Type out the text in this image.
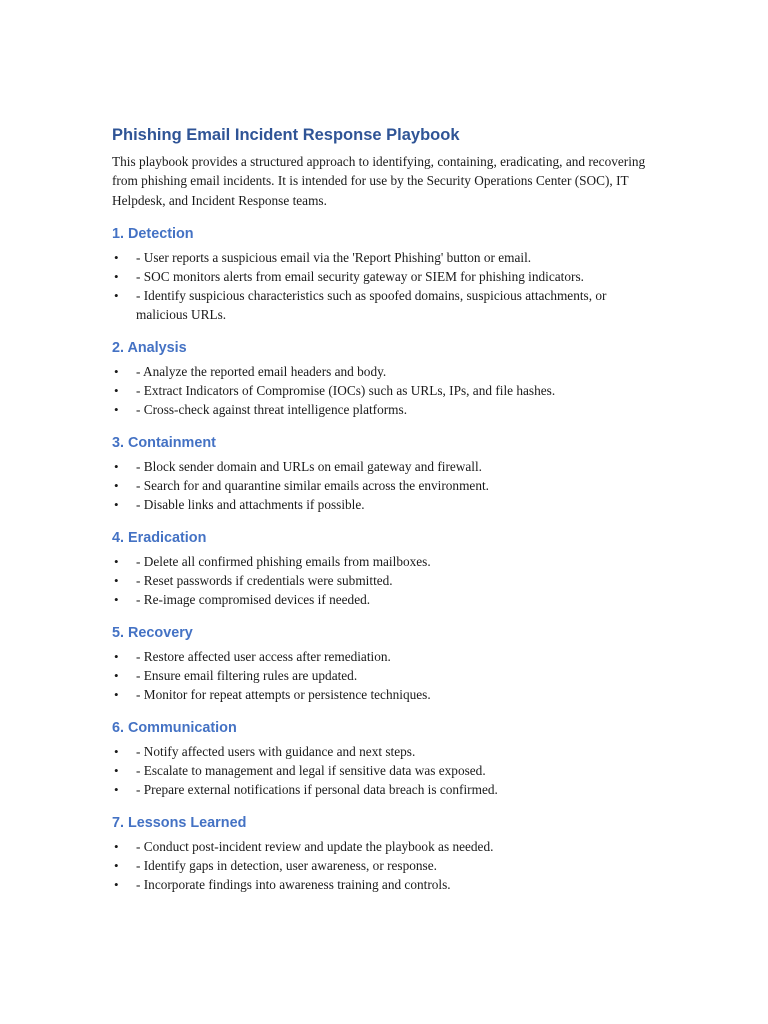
Phishing Email Incident Response Playbook

This playbook provides a structured approach to identifying, containing, eradicating, and recovering from phishing email incidents. It is intended for use by the Security Operations Center (SOC), IT Helpdesk, and Incident Response teams.

1. Detection
• - User reports a suspicious email via the 'Report Phishing' button or email.
• - SOC monitors alerts from email security gateway or SIEM for phishing indicators.
• - Identify suspicious characteristics such as spoofed domains, suspicious attachments, or malicious URLs.
2. Analysis
• - Analyze the reported email headers and body.
• - Extract Indicators of Compromise (IOCs) such as URLs, IPs, and file hashes.
• - Cross-check against threat intelligence platforms.
3. Containment
• - Block sender domain and URLs on email gateway and firewall.
• - Search for and quarantine similar emails across the environment.
• - Disable links and attachments if possible.
4. Eradication
• - Delete all confirmed phishing emails from mailboxes.
• - Reset passwords if credentials were submitted.
• - Re-image compromised devices if needed.
5. Recovery
• - Restore affected user access after remediation.
• - Ensure email filtering rules are updated.
• - Monitor for repeat attempts or persistence techniques.
6. Communication
• - Notify affected users with guidance and next steps.
• - Escalate to management and legal if sensitive data was exposed.
• - Prepare external notifications if personal data breach is confirmed.
7. Lessons Learned
• - Conduct post-incident review and update the playbook as needed.
• - Identify gaps in detection, user awareness, or response.
• - Incorporate findings into awareness training and controls.
